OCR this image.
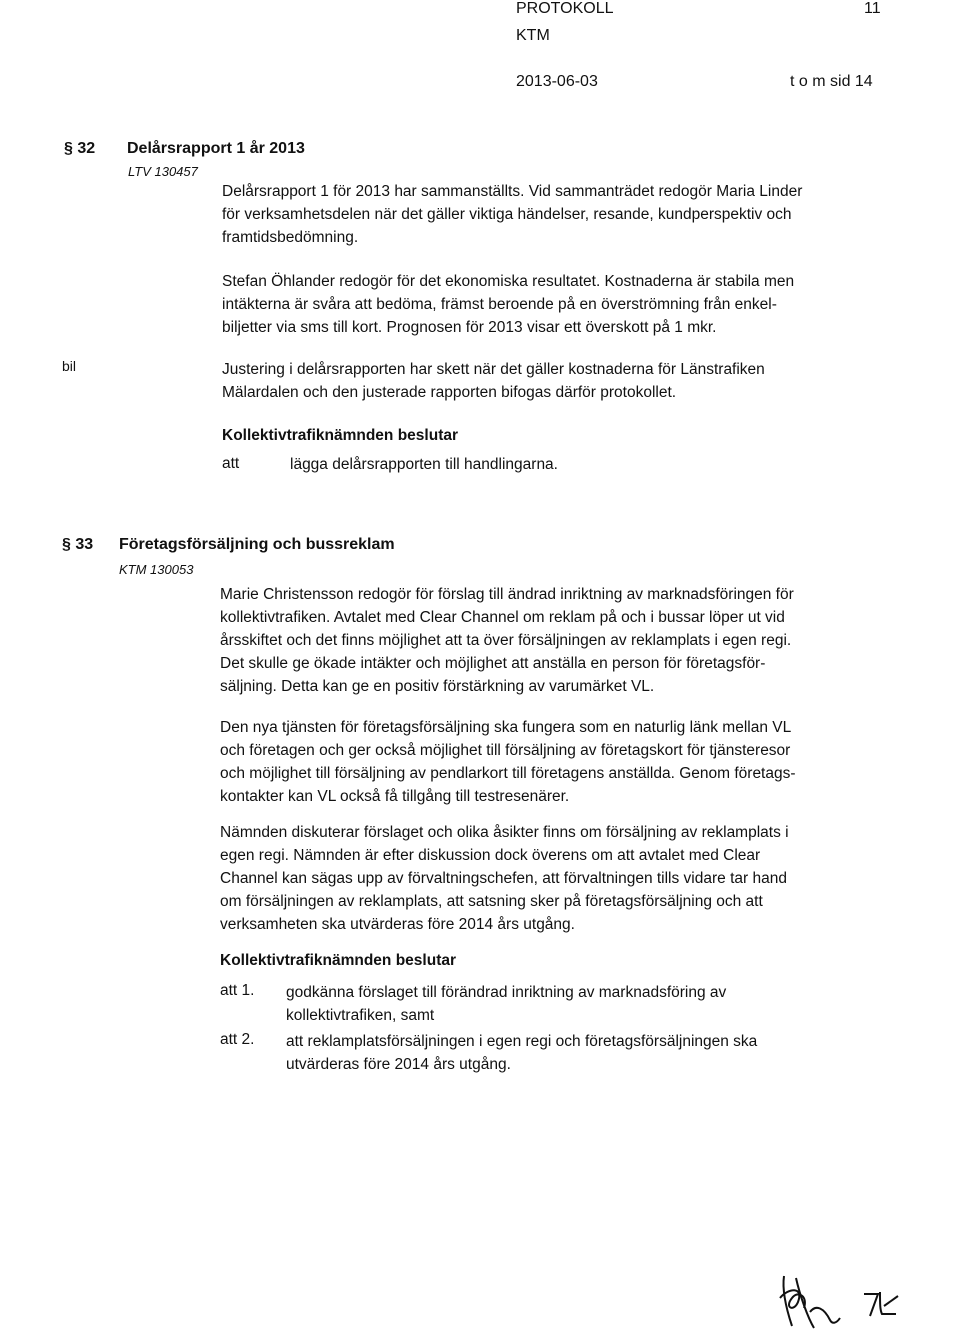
PROTOKOLL	11
KTM
2013-06-03	t o m sid 14
§ 32 Delårsrapport 1 år 2013
LTV 130457
Delårsrapport 1 för 2013 har sammanställts. Vid sammanträdet redogör Maria Linder
för verksamhetsdelen när det gäller viktiga händelser, resande, kundperspektiv och
framtidsbedömning.
Stefan Öhlander redogör för det ekonomiska resultatet. Kostnaderna är stabila men
intäkterna är svåra att bedöma, främst beroende på en överströmning från enkel-
biljetter via sms till kort. Prognosen för 2013 visar ett överskott på 1 mkr.
bil	Justering i delårsrapporten har skett när det gäller kostnaderna för Länstrafiken
Mälardalen och den justerade rapporten bifogas därför protokollet.
Kollektivtrafiknämnden beslutar
att	lägga delårsrapporten till handlingarna.
§ 33 Företagsförsäljning och bussreklam
KTM 130053
Marie Christensson redogör för förslag till ändrad inriktning av marknadsföringen för
kollektivtrafiken. Avtalet med Clear Channel om reklam på och i bussar löper ut vid
årsskiftet och det finns möjlighet att ta över försäljningen av reklamplats i egen regi.
Det skulle ge ökade intäkter och möjlighet att anställa en person för företagsför-
säljning. Detta kan ge en positiv förstärkning av varumärket VL.
Den nya tjänsten för företagsförsäljning ska fungera som en naturlig länk mellan VL
och företagen och ger också möjlighet till försäljning av företagskort för tjänsteresor
och möjlighet till försäljning av pendlarkort till företagens anställda. Genom företags-
kontakter kan VL också få tillgång till testresenärer.
Nämnden diskuterar förslaget och olika åsikter finns om försäljning av reklamplats i
egen regi. Nämnden är efter diskussion dock överens om att avtalet med Clear
Channel kan sägas upp av förvaltningschefen, att förvaltningen tills vidare tar hand
om försäljningen av reklamplats, att satsning sker på företagsförsäljning och att
verksamheten ska utvärderas före 2014 års utgång.
Kollektivtrafiknämnden beslutar
att 1. godkänna förslaget till förändrad inriktning av marknadsföring av
kollektivtrafiken, samt
att 2. att reklamplatsförsäljningen i egen regi och företagsförsäljningen ska
utvärderas före 2014 års utgång.
